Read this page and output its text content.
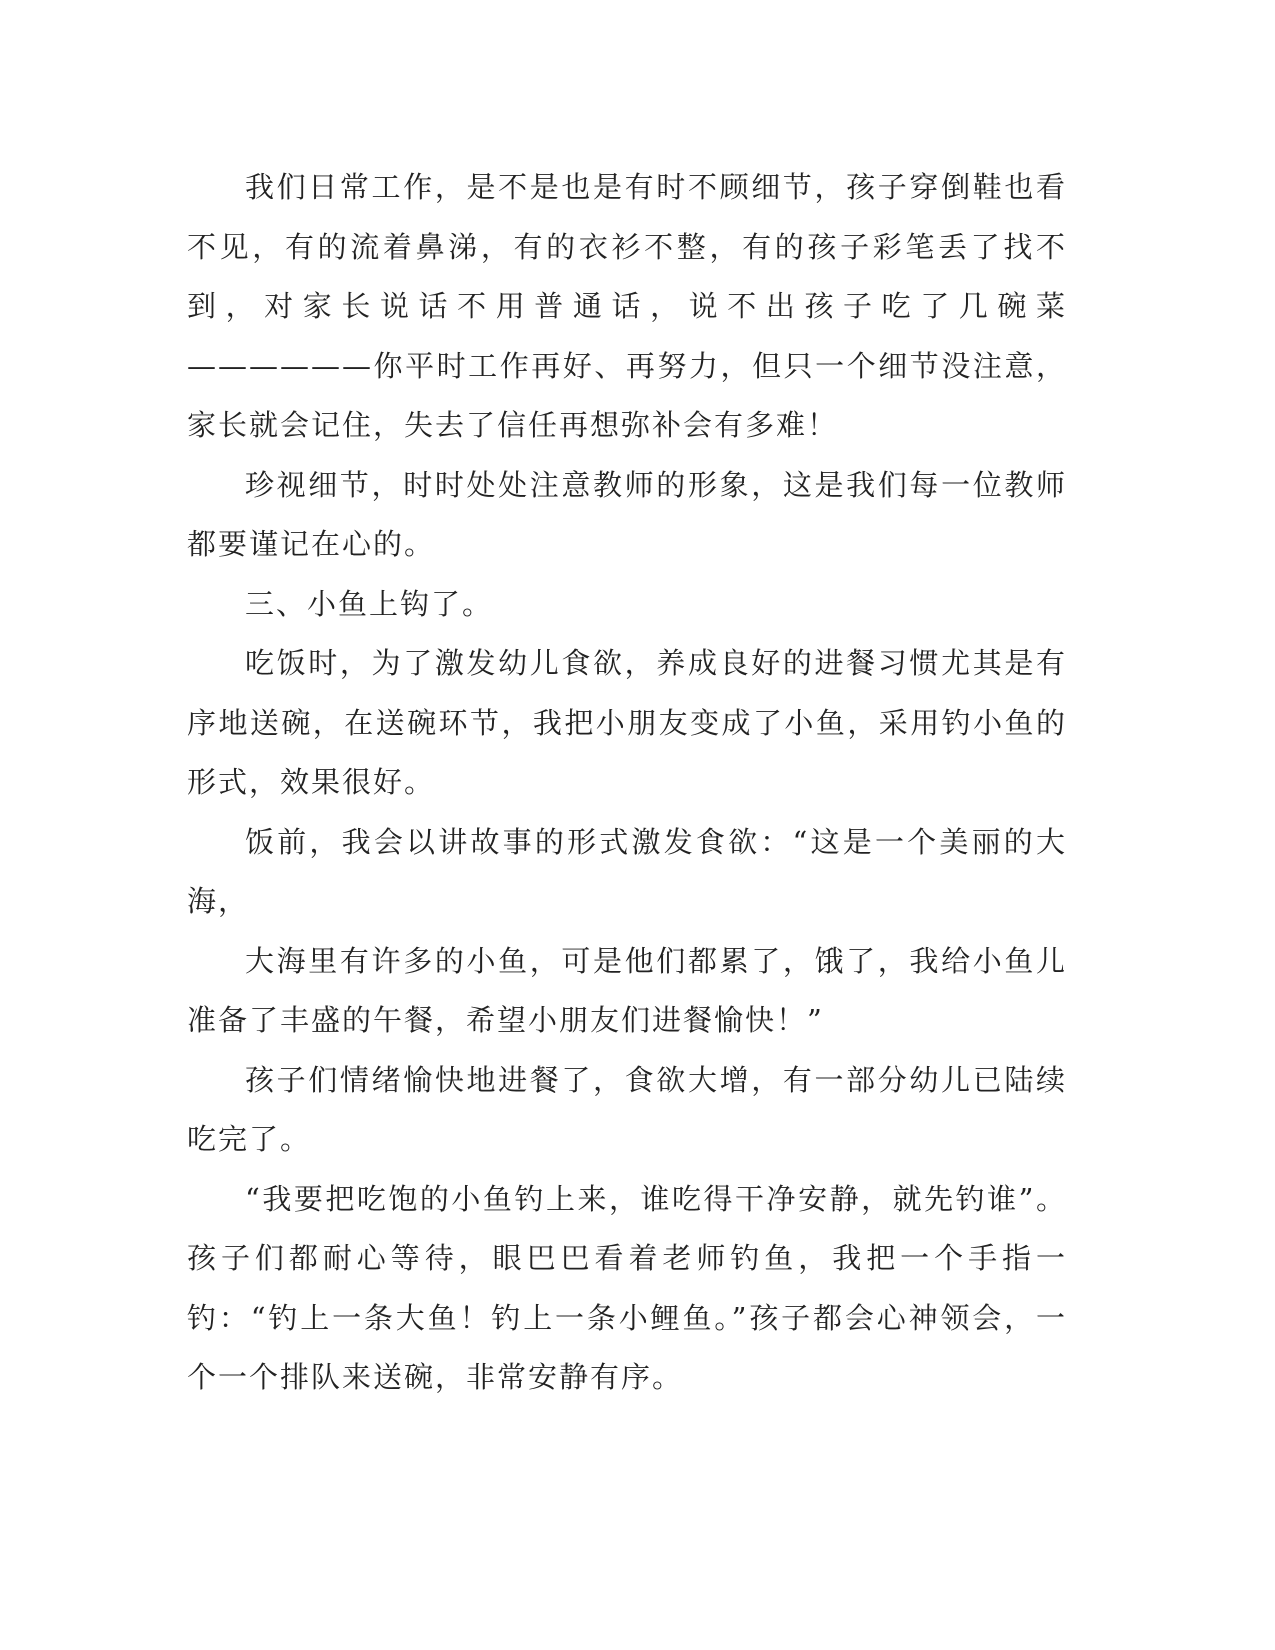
我们日常工作，是不是也是有时不顾细节，孩子穿倒鞋也看不见，有的流着鼻涕，有的衣衫不整，有的孩子彩笔丢了找不到，对家长说话不用普通话，说不出孩子吃了几碗菜——————你平时工作再好、再努力，但只一个细节没注意，家长就会记住，失去了信任再想弥补会有多难！

珍视细节，时时处处注意教师的形象，这是我们每一位教师都要谨记在心的。

三、小鱼上钩了。

吃饭时，为了激发幼儿食欲，养成良好的进餐习惯尤其是有序地送碗，在送碗环节，我把小朋友变成了小鱼，采用钓小鱼的形式，效果很好。

饭前，我会以讲故事的形式激发食欲：“这是一个美丽的大海，

大海里有许多的小鱼，可是他们都累了，饿了，我给小鱼儿准备了丰盛的午餐，希望小朋友们进餐愉快！”

孩子们情绪愉快地进餐了，食欲大增，有一部分幼儿已陆续吃完了。

“我要把吃饱的小鱼钓上来，谁吃得干净安静，就先钓谁”。孩子们都耐心等待，眼巴巴看着老师钓鱼，我把一个手指一钓：“钓上一条大鱼！钓上一条小鲤鱼。”孩子都会心神领会，一个一个排队来送碗，非常安静有序。
